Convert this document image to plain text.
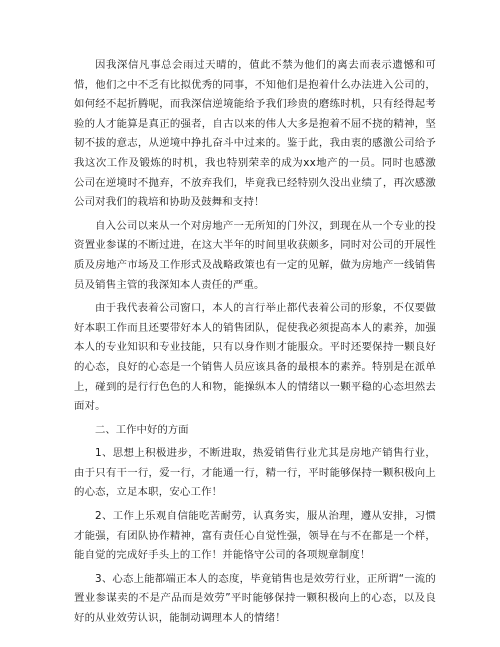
因我深信凡事总会雨过天晴的，值此不禁为他们的离去而表示遗憾和可惜，他们之中不乏有比拟优秀的同事，不知他们是抱着什么办法进入公司的，如何经不起折腾呢，而我深信逆境能给予我们珍贵的磨练时机，只有经得起考验的人才能算是真正的强者，自古以来的伟人大多是抱着不屈不挠的精神，坚韧不拔的意志，从逆境中挣扎奋斗中过来的。鉴于此，我由衷的感激公司给予我这次工作及锻炼的时机，我也特别荣幸的成为xx地产的一员。同时也感激公司在逆境时不抛弃，不放弃我们，毕竟我已经特别久没出业绩了，再次感激公司对我们的栽培和协助及鼓舞和支持！

自入公司以来从一个对房地产一无所知的门外汉，到现在从一个专业的投资置业参谋的不断过进，在这大半年的时间里收获颇多，同时对公司的开展性质及房地产市场及工作形式及战略政策也有一定的见解，做为房地产一线销售员及销售主管的我深知本人责任的严重。

由于我代表着公司窗口，本人的言行举止都代表着公司的形象，不仅要做好本职工作而且还要带好本人的销售团队，促使我必须提高本人的素养，加强本人的专业知识和专业技能，只有以身作则才能服众。平时还要保持一颗良好的心态，良好的心态是一个销售人员应该具备的最根本的素养。特别是在派单上，碰到的是行行色色的人和物，能操纵本人的情绪以一颗平稳的心态坦然去面对。

二、工作中好的方面

1、思想上积极进步，不断进取，热爱销售行业尤其是房地产销售行业，由于只有干一行，爱一行，才能通一行，精一行，平时能够保持一颗积极向上的心态，立足本职，安心工作！

2、工作上乐观自信能吃苦耐劳，认真务实，服从治理，遵从安排，习惯才能强，有团队协作精神，富有责任心自觉性强，领导在与不在都是一个样，能自觉的完成好手头上的工作！并能恪守公司的各项规章制度！

3、心态上能都端正本人的态度，毕竟销售也是效劳行业，正所谓“一流的置业参谋卖的不是产品而是效劳”平时能够保持一颗积极向上的心态，以及良好的从业效劳认识，能制动调理本人的情绪！
